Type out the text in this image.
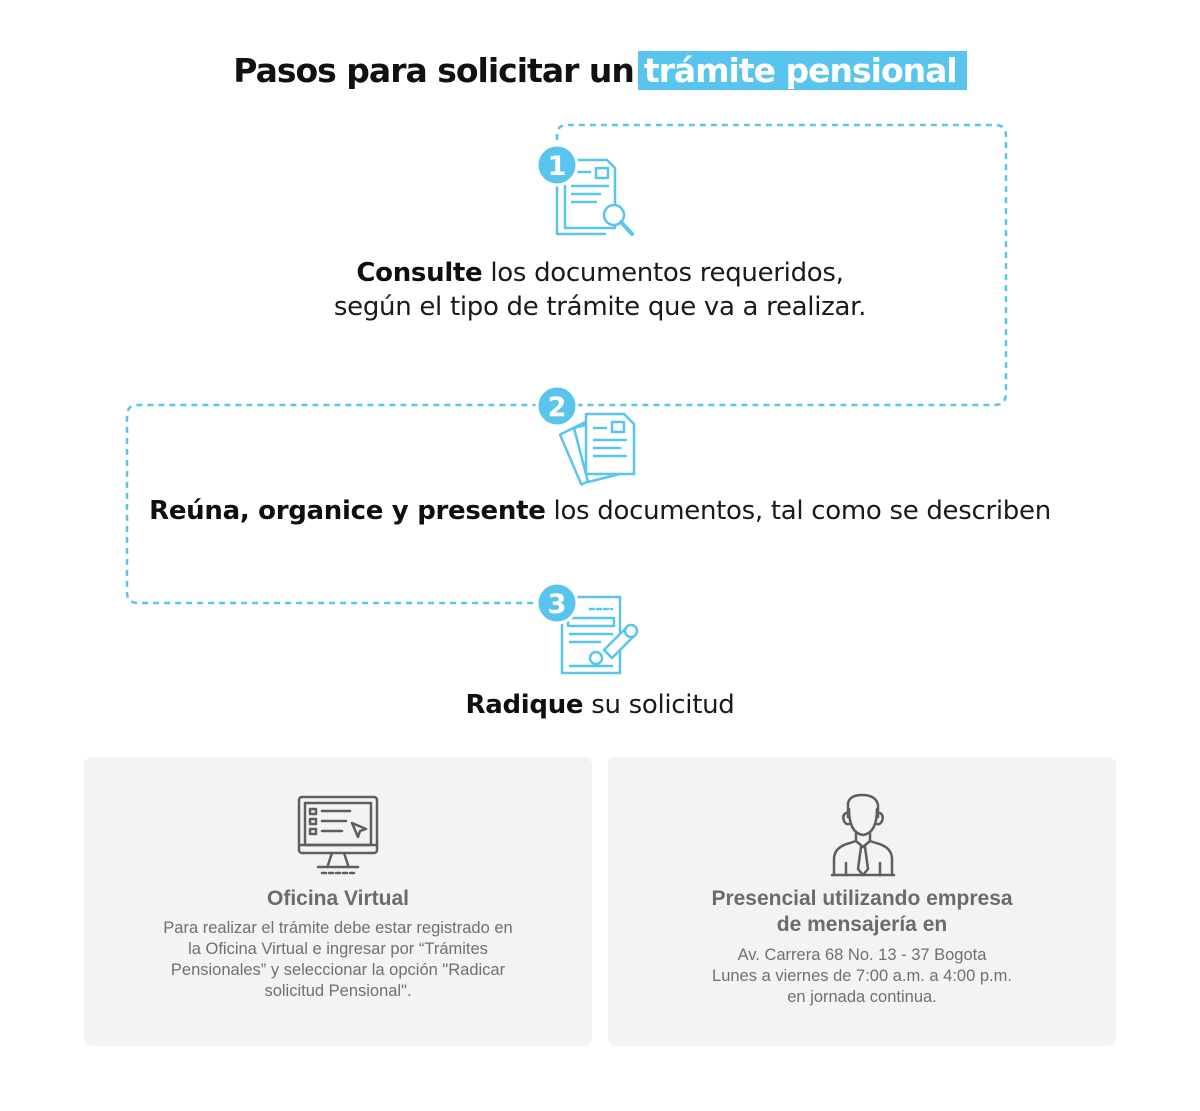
Pasos para solicitar un trámite pensional
1
2
3
Consulte los documentos requeridos,
según el tipo de trámite que va a realizar.
Reúna, organice y presente los documentos, tal como se describen
Radique su solicitud
Oficina Virtual

Para realizar el trámite debe estar registrado en

la Oficina Virtual e ingresar por “Trámites

Pensionales” y seleccionar la opción "Radicar

solicitud Pensional".

Presencial utilizando empresa
de mensajería en

Av. Carrera 68 No. 13 - 37 Bogota

Lunes a viernes de 7:00 a.m. a 4:00 p.m.

en jornada continua.
